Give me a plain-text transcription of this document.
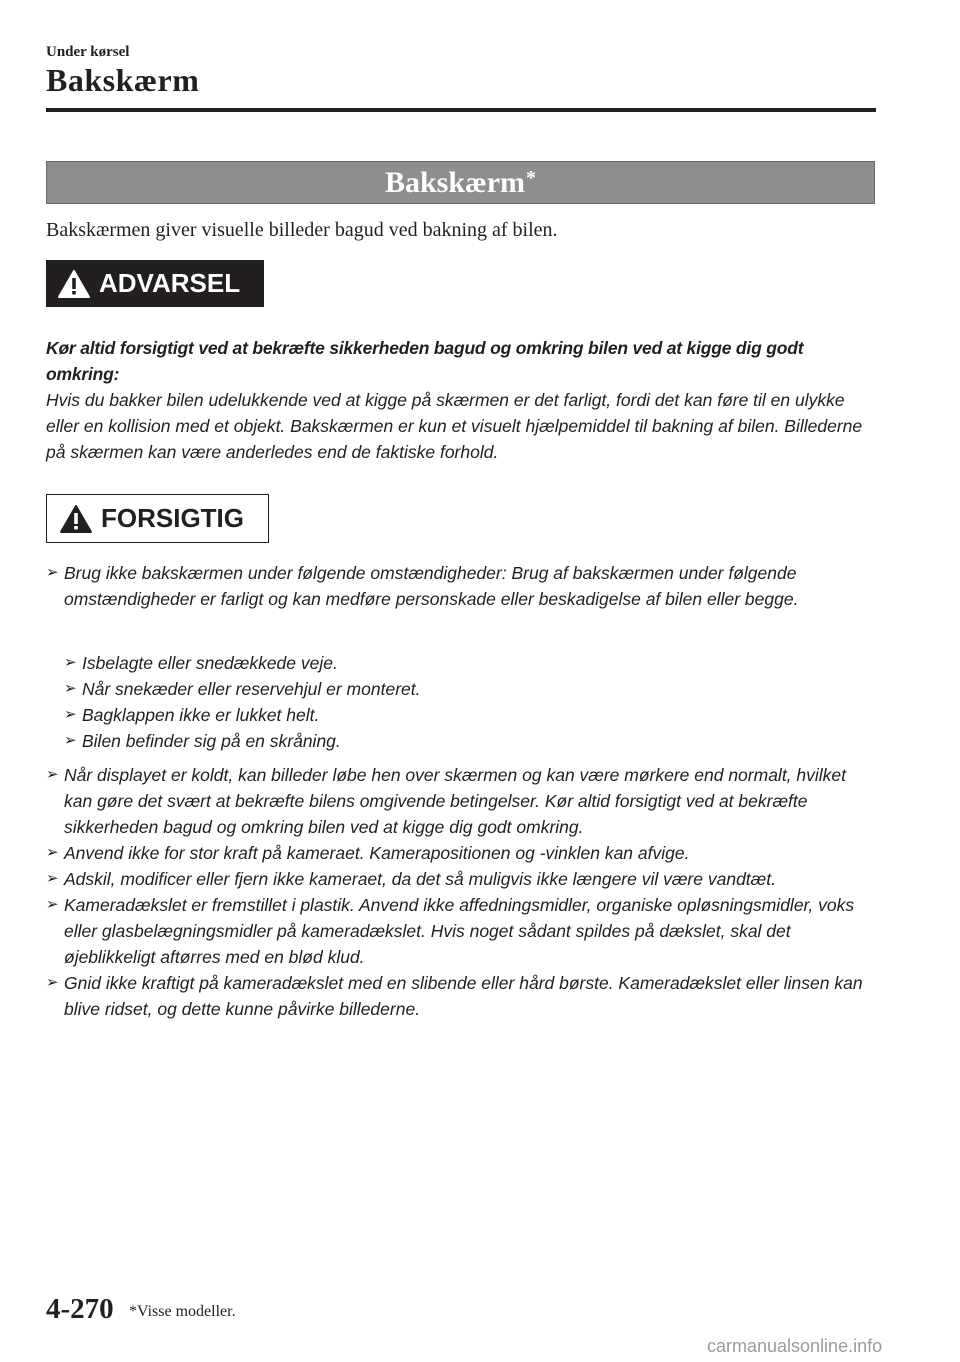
Under kørsel
Bakskærm
Bakskærm*
Bakskærmen giver visuelle billeder bagud ved bakning af bilen.
ADVARSEL
Kør altid forsigtigt ved at bekræfte sikkerheden bagud og omkring bilen ved at kigge dig godt omkring:
Hvis du bakker bilen udelukkende ved at kigge på skærmen er det farligt, fordi det kan føre til en ulykke eller en kollision med et objekt. Bakskærmen er kun et visuelt hjælpemiddel til bakning af bilen. Billederne på skærmen kan være anderledes end de faktiske forhold.
FORSIGTIG
➢ Brug ikke bakskærmen under følgende omstændigheder: Brug af bakskærmen under følgende omstændigheder er farligt og kan medføre personskade eller beskadigelse af bilen eller begge.
➢ Isbelagte eller snedækkede veje.
➢ Når snekæder eller reservehjul er monteret.
➢ Bagklappen ikke er lukket helt.
➢ Bilen befinder sig på en skråning.
➢ Når displayet er koldt, kan billeder løbe hen over skærmen og kan være mørkere end normalt, hvilket kan gøre det svært at bekræfte bilens omgivende betingelser. Kør altid forsigtigt ved at bekræfte sikkerheden bagud og omkring bilen ved at kigge dig godt omkring.
➢ Anvend ikke for stor kraft på kameraet. Kamerapositionen og -vinklen kan afvige.
➢ Adskil, modificer eller fjern ikke kameraet, da det så muligvis ikke længere vil være vandtæt.
➢ Kameradækslet er fremstillet i plastik. Anvend ikke affedningsmidler, organiske opløsningsmidler, voks eller glasbelægningsmidler på kameradækslet. Hvis noget sådant spildes på dækslet, skal det øjeblikkeligt aftørres med en blød klud.
➢ Gnid ikke kraftigt på kameradækslet med en slibende eller hård børste. Kameradækslet eller linsen kan blive ridset, og dette kunne påvirke billederne.
4-270 *Visse modeller.
carmanualsonline.info
